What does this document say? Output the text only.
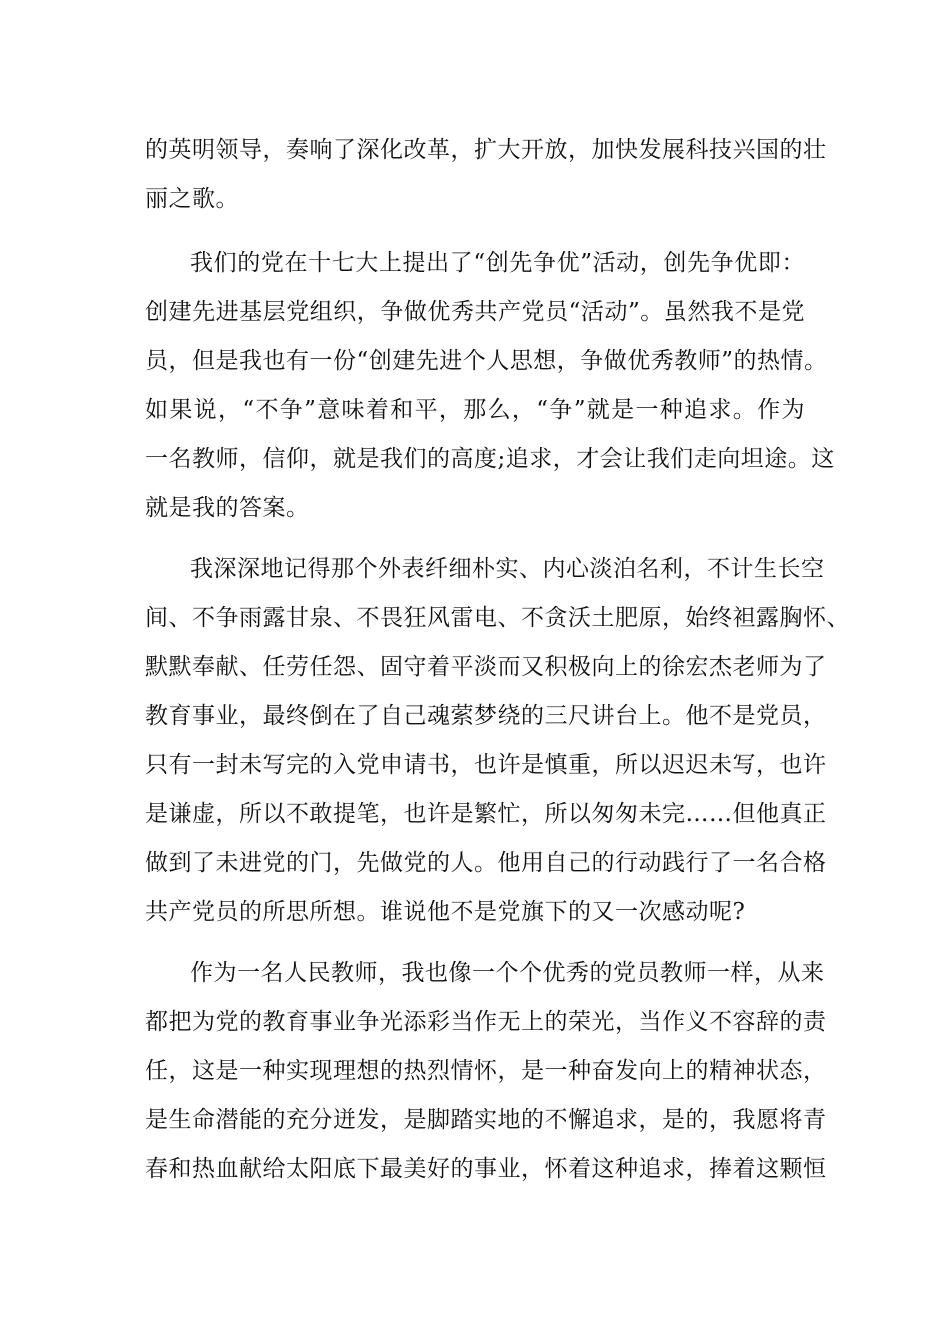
的英明领导，奏响了深化改革，扩大开放，加快发展科技兴国的壮
丽之歌。
我们的党在十七大上提出了“创先争优”活动，创先争优即：
创建先进基层党组织，争做优秀共产党员“活动”。虽然我不是党
员，但是我也有一份“创建先进个人思想，争做优秀教师”的热情。
如果说，“不争”意味着和平，那么，“争”就是一种追求。作为
一名教师，信仰，就是我们的高度;追求，才会让我们走向坦途。这
就是我的答案。
我深深地记得那个外表纤细朴实、内心淡泊名利，不计生长空
间、不争雨露甘泉、不畏狂风雷电、不贪沃土肥原，始终袒露胸怀、
默默奉献、任劳任怨、固守着平淡而又积极向上的徐宏杰老师为了
教育事业，最终倒在了自己魂萦梦绕的三尺讲台上。他不是党员，
只有一封未写完的入党申请书，也许是慎重，所以迟迟未写，也许
是谦虚，所以不敢提笔，也许是繁忙，所以匆匆未完……但他真正
做到了未进党的门，先做党的人。他用自己的行动践行了一名合格
共产党员的所思所想。谁说他不是党旗下的又一次感动呢?
作为一名人民教师，我也像一个个优秀的党员教师一样，从来
都把为党的教育事业争光添彩当作无上的荣光，当作义不容辞的责
任，这是一种实现理想的热烈情怀，是一种奋发向上的精神状态，
是生命潜能的充分迸发，是脚踏实地的不懈追求，是的，我愿将青
春和热血献给太阳底下最美好的事业，怀着这种追求，捧着这颗恒
